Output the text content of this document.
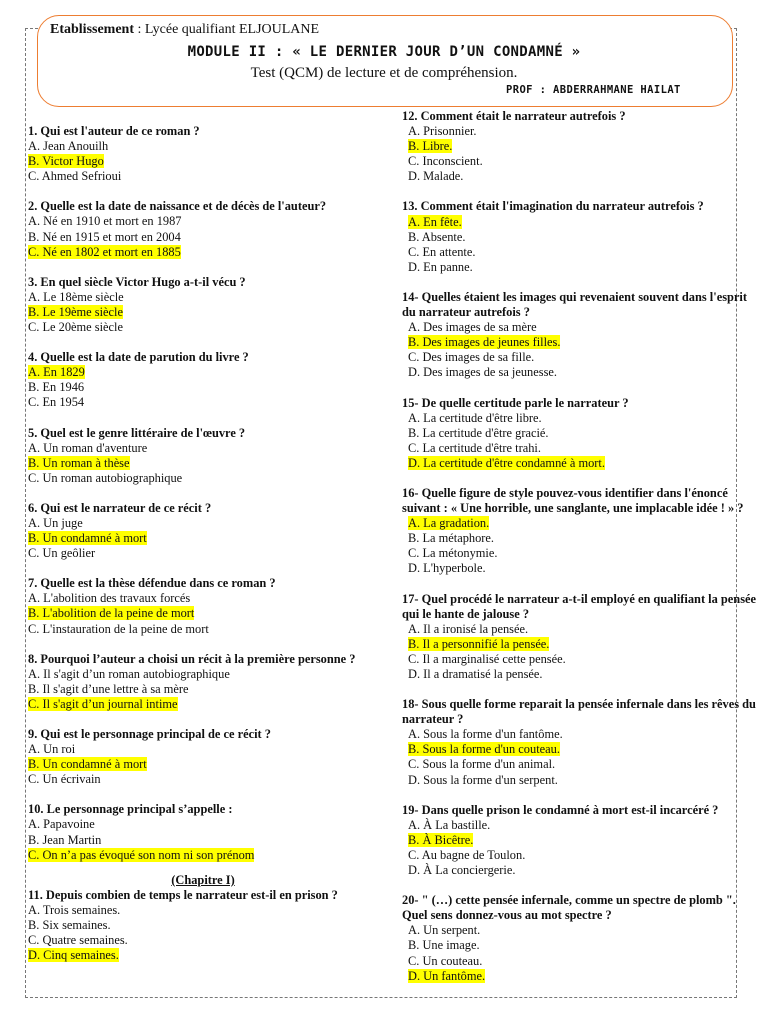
Etablissement : Lycée qualifiant ELJOULANE
MODULE II : « LE DERNIER JOUR D’UN CONDAMNÉ »
Test (QCM) de lecture et de compréhension.
PROF : ABDERRAHMANE HAILAT
1. Qui est l'auteur de ce roman ?
A. Jean Anouilh
B. Victor Hugo
C. Ahmed Sefrioui
2. Quelle est la date de naissance et de décès de l'auteur?
A. Né en 1910 et mort en 1987
B. Né en 1915 et mort en 2004
C. Né en 1802 et mort en 1885
3. En quel siècle Victor Hugo a-t-il vécu ?
A. Le 18ème siècle
B. Le 19ème siècle
C. Le 20ème siècle
4. Quelle est la date de parution du livre ?
A. En 1829
B. En 1946
C. En 1954
5. Quel est le genre littéraire de l'œuvre ?
A. Un roman d'aventure
B. Un roman à thèse
C. Un roman autobiographique
6. Qui est le narrateur de ce récit ?
A. Un juge
B. Un condamné à mort
C. Un geôlier
7. Quelle est la thèse défendue dans ce roman ?
A. L'abolition des travaux forcés
B. L'abolition de la peine de mort
C. L'instauration de la peine de mort
8. Pourquoi l’auteur a choisi un récit à la première personne ?
A. Il s'agit d’un roman autobiographique
B. Il s'agit d’une lettre à sa mère
C. Il s'agit d’un journal intime
9. Qui est le personnage principal de ce récit ?
A. Un roi
B. Un condamné à mort
C. Un écrivain
10. Le personnage principal s’appelle :
A. Papavoine
B. Jean Martin
C. On n’a pas évoqué son nom ni son prénom
(Chapitre I)
11. Depuis combien de temps le narrateur est-il en prison ?
A. Trois semaines.
B. Six semaines.
C. Quatre semaines.
D. Cinq semaines.
12. Comment était le narrateur autrefois ?
A. Prisonnier.
B. Libre.
C. Inconscient.
D. Malade.
13. Comment était l'imagination du narrateur autrefois ?
A. En fête.
B. Absente.
C. En attente.
D. En panne.
14- Quelles étaient les images qui revenaient souvent dans l'esprit du narrateur autrefois ?
A. Des images de sa mère
B. Des images de jeunes filles.
C. Des images de sa fille.
D. Des images de sa jeunesse.
15- De quelle certitude parle le narrateur ?
A. La certitude d'être libre.
B. La certitude d'être gracié.
C. La certitude d'être trahi.
D. La certitude d'être condamné à mort.
16- Quelle figure de style pouvez-vous identifier dans l'énoncé suivant : « Une horrible, une sanglante, une implacable idée ! » ?
A. La gradation.
B. La métaphore.
C. La métonymie.
D. L'hyperbole.
17- Quel procédé le narrateur a-t-il employé en qualifiant la pensée qui le hante de jalouse ?
A. Il a ironisé la pensée.
B. Il a personnifié la pensée.
C. Il a marginalisé cette pensée.
D. Il a dramatisé la pensée.
18- Sous quelle forme reparait la pensée infernale dans les rêves du narrateur ?
A. Sous la forme d'un fantôme.
B. Sous la forme d'un couteau.
C. Sous la forme d'un animal.
D. Sous la forme d'un serpent.
19- Dans quelle prison le condamné à mort est-il incarcéré ?
A. À La bastille.
B. À Bicêtre.
C. Au bagne de Toulon.
D. À La conciergerie.
20- " (…) cette pensée infernale, comme un spectre de plomb ". Quel sens donnez-vous au mot spectre ?
A. Un serpent.
B. Une image.
C. Un couteau.
D. Un fantôme.
